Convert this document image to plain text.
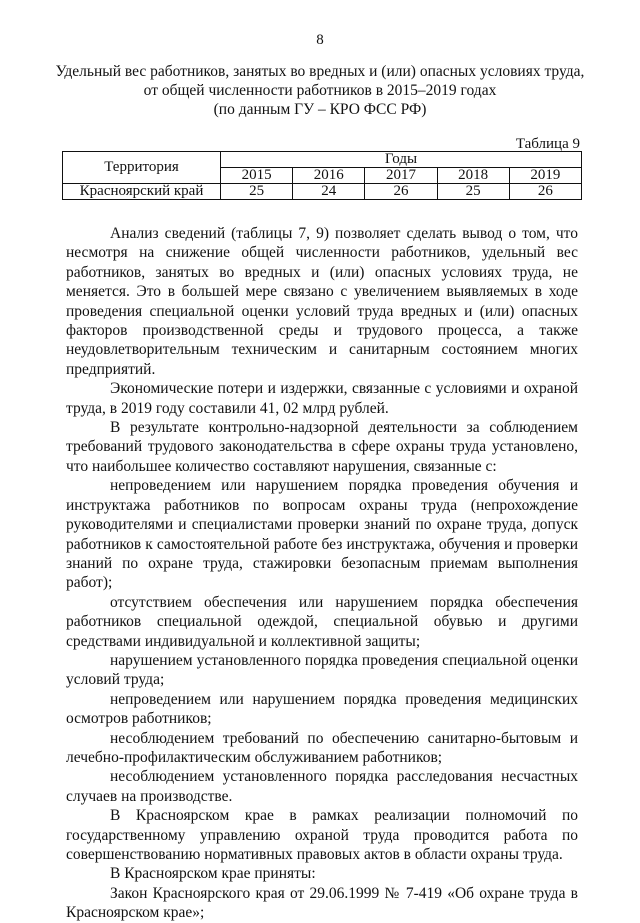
8
Удельный вес работников, занятых во вредных и (или) опасных условиях труда,
от общей численности работников в 2015–2019 годах
(по данным ГУ – КРО ФСС РФ)
Таблица 9
Территория	Годы				
	2015	2016	2017	2018	2019
Красноярский край	25	24	26	25	26

Анализ сведений (таблицы 7, 9) позволяет сделать вывод о том, что несмотря на снижение общей численности работников, удельный вес работников, занятых во вредных и (или) опасных условиях труда, не меняется. Это в большей мере связано с увеличением выявляемых в ходе проведения специальной оценки условий труда вредных и (или) опасных факторов производственной среды и трудового процесса, а также неудовлетворительным техническим и санитарным состоянием многих предприятий.

Экономические потери и издержки, связанные с условиями и охраной труда, в 2019 году составили 41, 02 млрд рублей.

В результате контрольно-надзорной деятельности за соблюдением требований трудового законодательства в сфере охраны труда установлено, что наибольшее количество составляют нарушения, связанные с:

непроведением или нарушением порядка проведения обучения и инструктажа работников по вопросам охраны труда (непрохождение руководителями и специалистами проверки знаний по охране труда, допуск работников к самостоятельной работе без инструктажа, обучения и проверки знаний по охране труда, стажировки безопасным приемам выполнения работ);

отсутствием обеспечения или нарушением порядка обеспечения работников специальной одеждой, специальной обувью и другими средствами индивидуальной и коллективной защиты;

нарушением установленного порядка проведения специальной оценки условий труда;

непроведением или нарушением порядка проведения медицинских осмотров работников;

несоблюдением требований по обеспечению санитарно-бытовым и лечебно-профилактическим обслуживанием работников;

несоблюдением установленного порядка расследования несчастных случаев на производстве.

В Красноярском крае в рамках реализации полномочий по государственному управлению охраной труда проводится работа по совершенствованию нормативных правовых актов в области охраны труда.

В Красноярском крае приняты:

Закон Красноярского края от 29.06.1999 № 7-419 «Об охране труда в Красноярском крае»;
